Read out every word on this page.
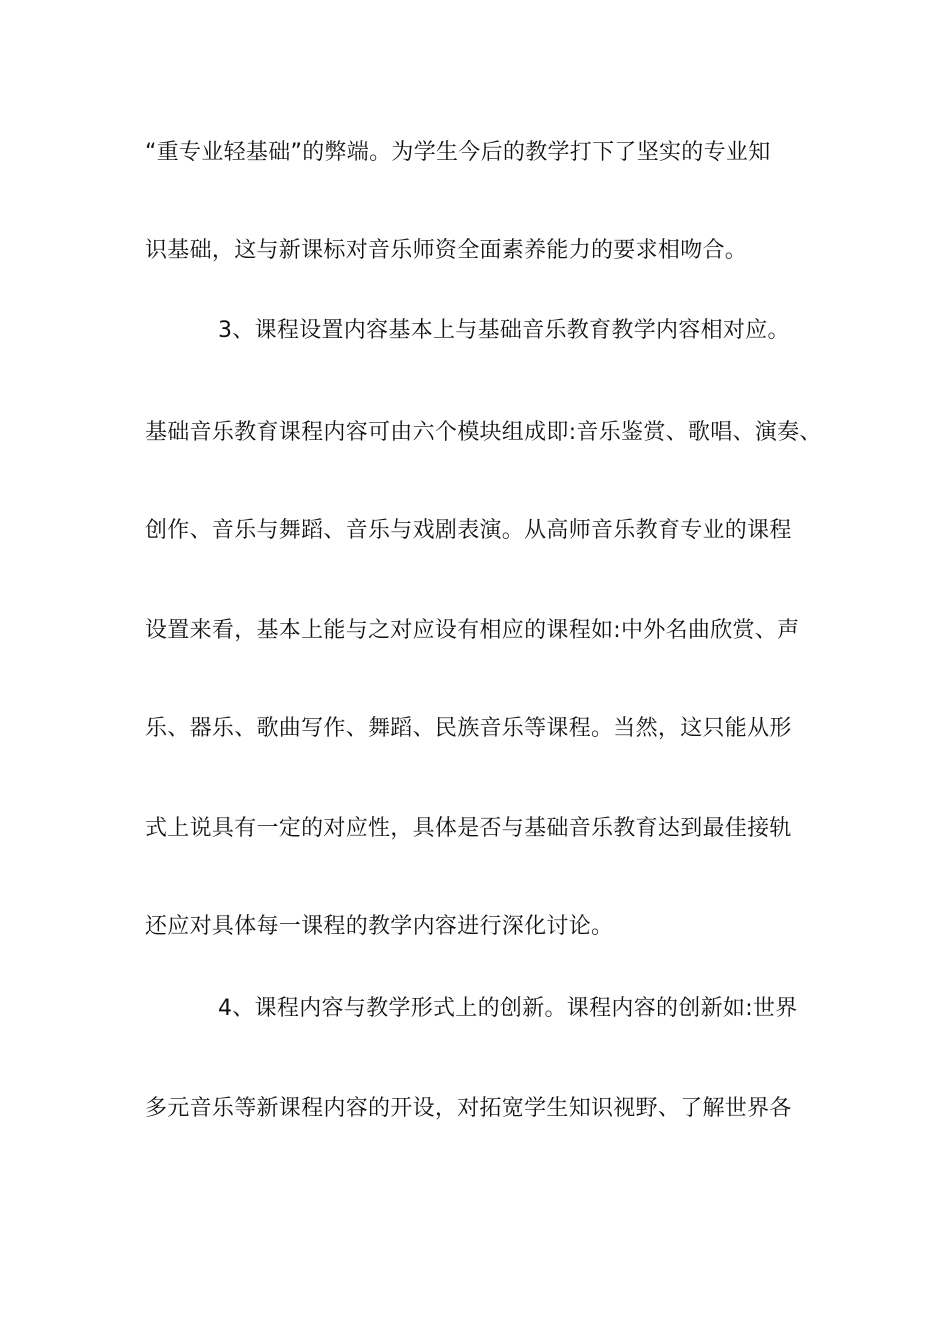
“重专业轻基础”的弊端。为学生今后的教学打下了坚实的专业知
识基础，这与新课标对音乐师资全面素养能力的要求相吻合。
3、课程设置内容基本上与基础音乐教育教学内容相对应。
基础音乐教育课程内容可由六个模块组成即:音乐鉴赏、歌唱、演奏、
创作、音乐与舞蹈、音乐与戏剧表演。从高师音乐教育专业的课程
设置来看，基本上能与之对应设有相应的课程如:中外名曲欣赏、声
乐、器乐、歌曲写作、舞蹈、民族音乐等课程。当然，这只能从形
式上说具有一定的对应性，具体是否与基础音乐教育达到最佳接轨
还应对具体每一课程的教学内容进行深化讨论。
4、课程内容与教学形式上的创新。课程内容的创新如:世界
多元音乐等新课程内容的开设，对拓宽学生知识视野、了解世界各
